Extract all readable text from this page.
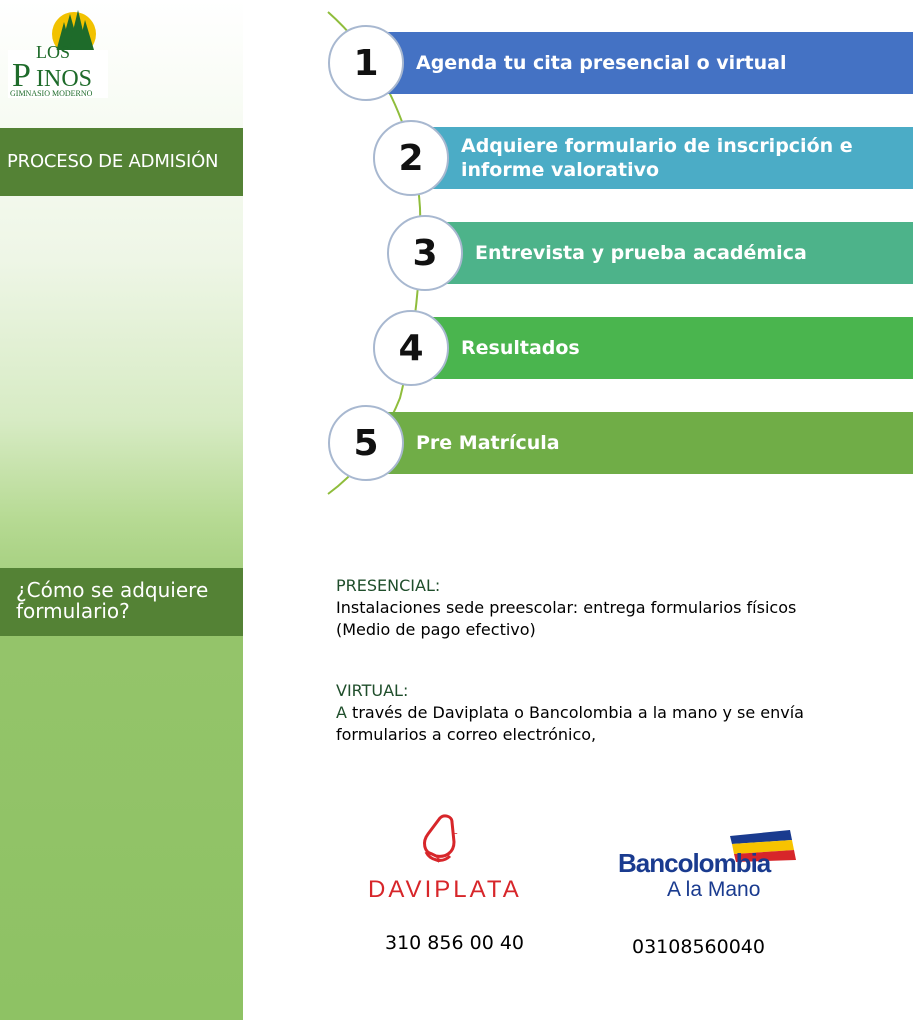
LOS
P INOS
GIMNASIO MODERNO
PROCESO DE ADMISIÓN
¿Cómo se adquiere formulario?
Agenda tu cita presencial o virtual
1
Adquiere formulario de inscripción e informe valorativo
2
Entrevista y prueba académica
3
Resultados
4
Pre Matrícula
5
PRESENCIAL:
Instalaciones sede preescolar: entrega formularios físicos
(Medio de pago efectivo)
VIRTUAL:
A través de Daviplata o Bancolombia a la mano y se envía
formularios a correo electrónico,
L
$
DAVIPLATA
310 856 00 40
Bancolombia
A la Mano
03108560040
